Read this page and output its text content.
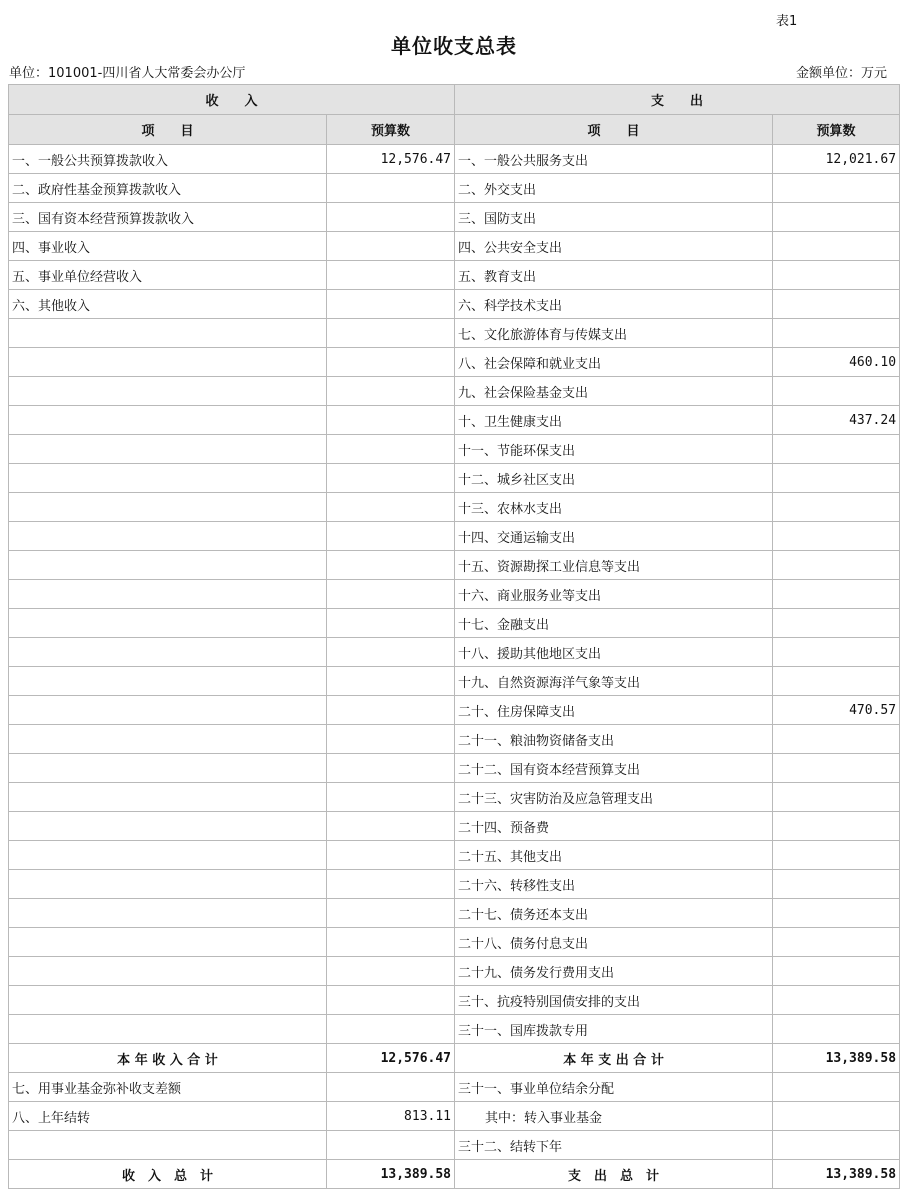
表1
单位收支总表
单位：101001-四川省人大常委会办公厅	金额单位：万元
收　　入		支　　出	
项　　目	预算数	项　　目	预算数
一、一般公共预算拨款收入	12,576.47	一、一般公共服务支出	12,021.67
二、政府性基金预算拨款收入		二、外交支出	
三、国有资本经营预算拨款收入		三、国防支出	
四、事业收入		四、公共安全支出	
五、事业单位经营收入		五、教育支出	
六、其他收入		六、科学技术支出	
		七、文化旅游体育与传媒支出	
		八、社会保障和就业支出	460.10
		九、社会保险基金支出	
		十、卫生健康支出	437.24
		十一、节能环保支出	
		十二、城乡社区支出	
		十三、农林水支出	
		十四、交通运输支出	
		十五、资源勘探工业信息等支出	
		十六、商业服务业等支出	
		十七、金融支出	
		十八、援助其他地区支出	
		十九、自然资源海洋气象等支出	
		二十、住房保障支出	470.57
		二十一、粮油物资储备支出	
		二十二、国有资本经营预算支出	
		二十三、灾害防治及应急管理支出	
		二十四、预备费	
		二十五、其他支出	
		二十六、转移性支出	
		二十七、债务还本支出	
		二十八、债务付息支出	
		二十九、债务发行费用支出	
		三十、抗疫特别国债安排的支出	
		三十一、国库拨款专用	
本 年 收 入 合 计	12,576.47	本 年 支 出 合 计	13,389.58
七、用事业基金弥补收支差额		三十一、事业单位结余分配	
八、上年结转	813.11	其中：转入事业基金	
		三十二、结转下年	
收　入　总　计	13,389.58	支　出　总　计	13,389.58
